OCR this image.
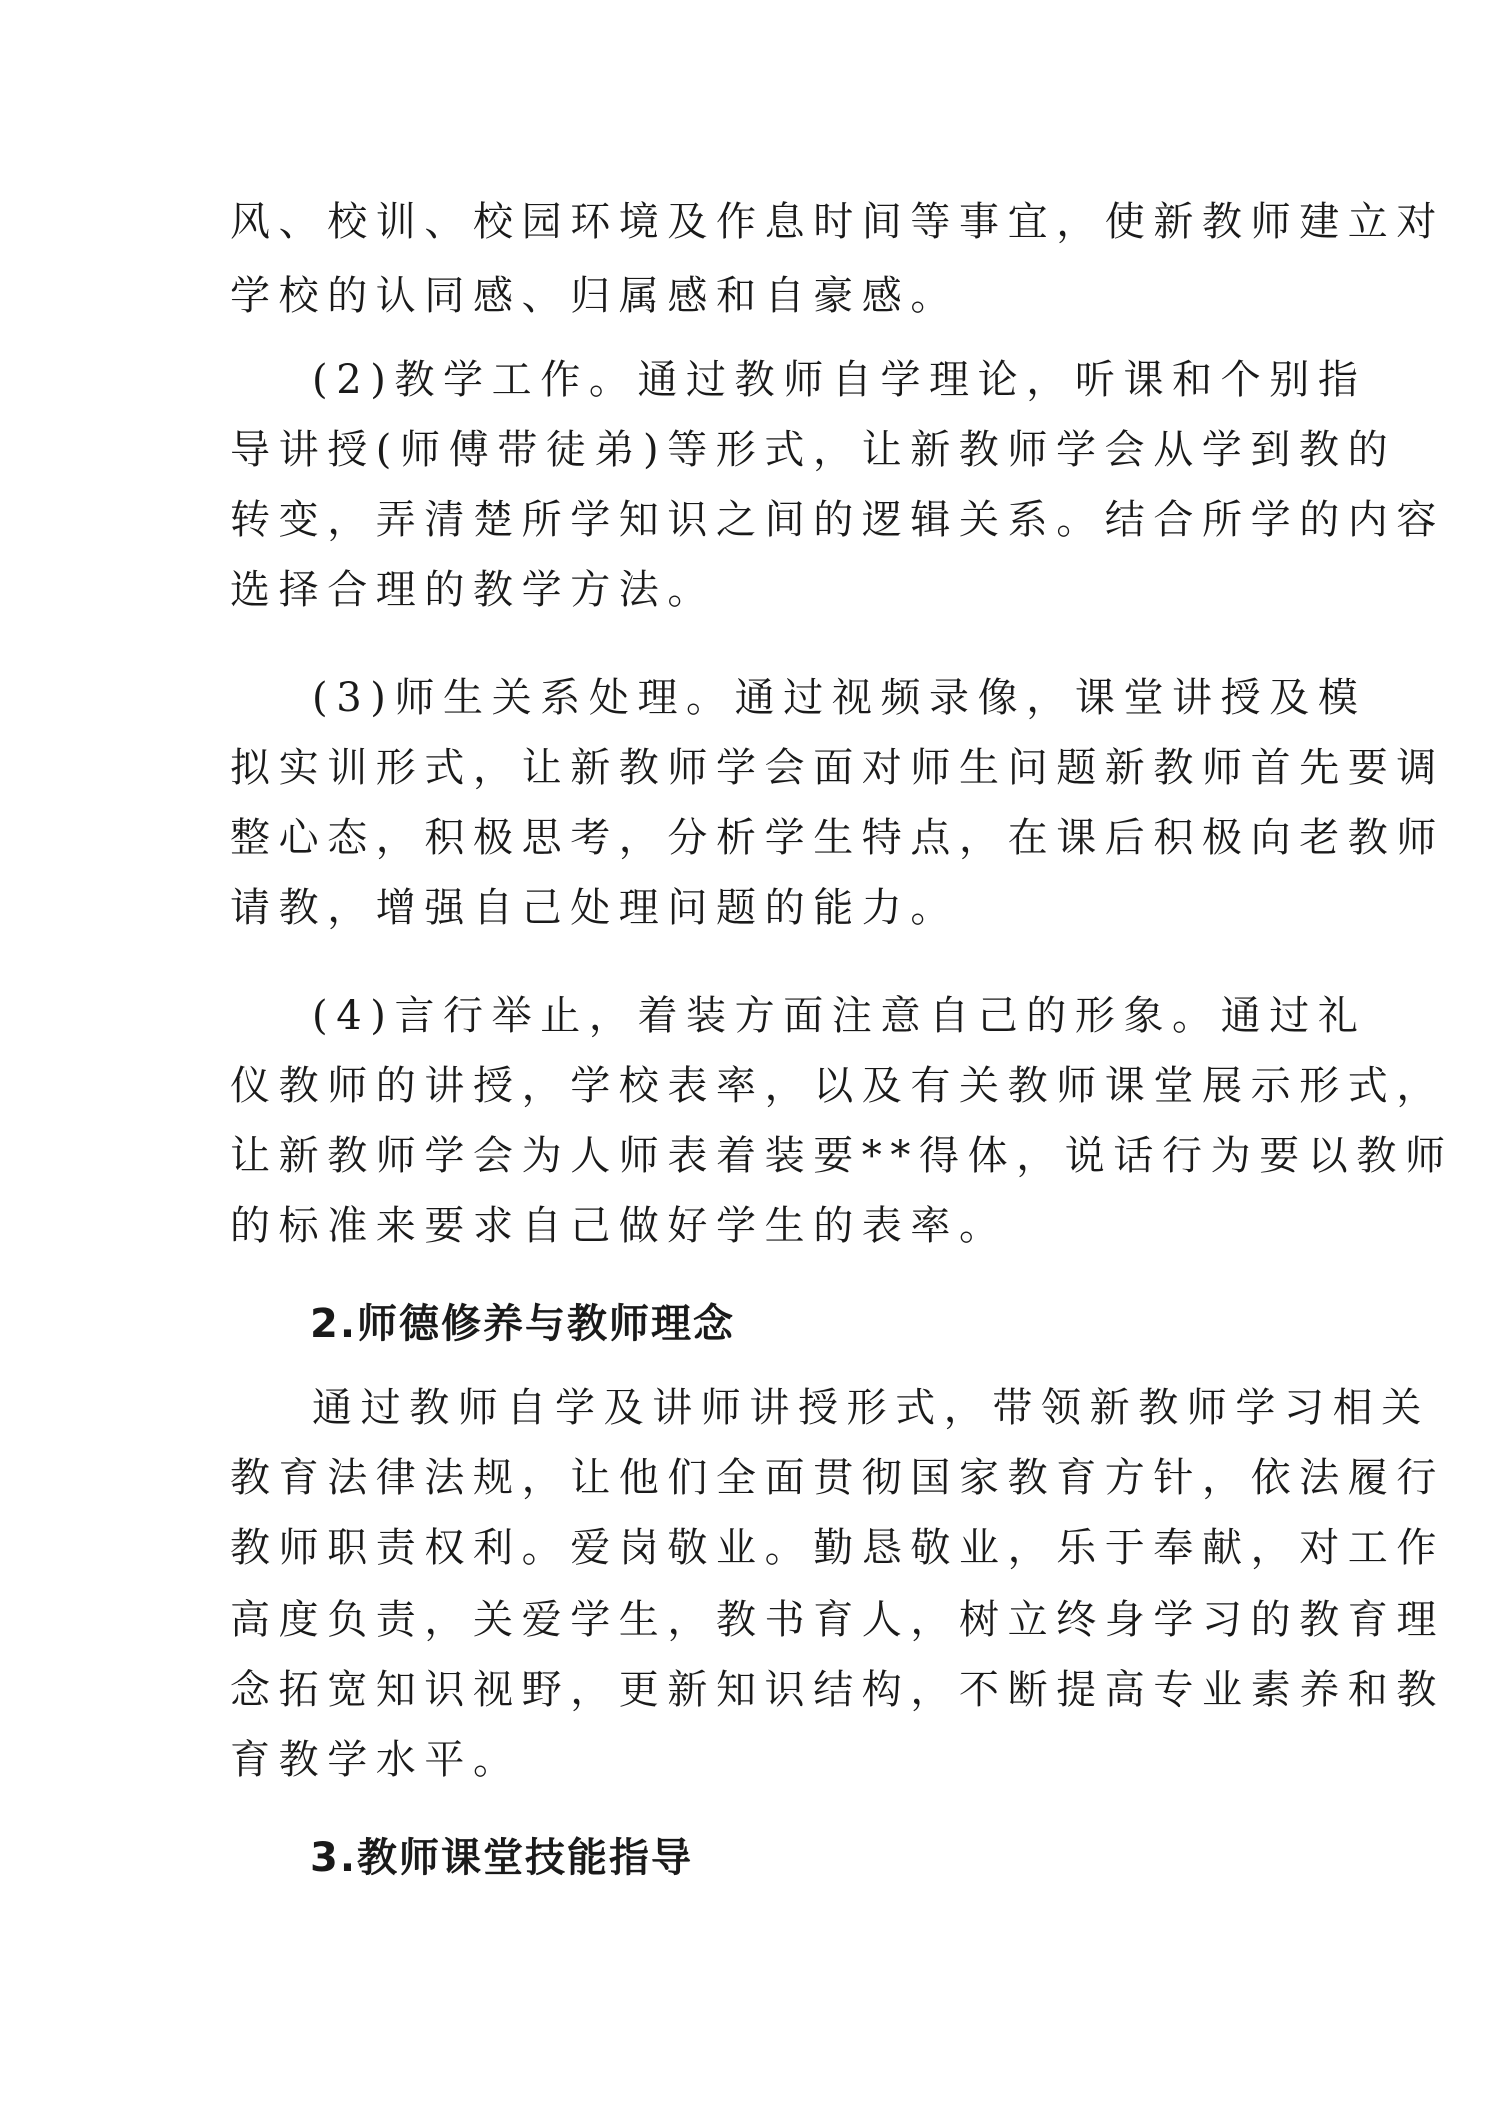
风、校训、校园环境及作息时间等事宜，使新教师建立对
学校的认同感、归属感和自豪感。
(2)教学工作。通过教师自学理论，听课和个别指
导讲授(师傅带徒弟)等形式，让新教师学会从学到教的
转变，弄清楚所学知识之间的逻辑关系。结合所学的内容
选择合理的教学方法。
(3)师生关系处理。通过视频录像，课堂讲授及模
拟实训形式，让新教师学会面对师生问题新教师首先要调
整心态，积极思考，分析学生特点，在课后积极向老教师
请教，增强自己处理问题的能力。
(4)言行举止，着装方面注意自己的形象。通过礼
仪教师的讲授，学校表率，以及有关教师课堂展示形式，
让新教师学会为人师表着装要**得体，说话行为要以教师
的标准来要求自己做好学生的表率。
2.师德修养与教师理念
通过教师自学及讲师讲授形式，带领新教师学习相关
教育法律法规，让他们全面贯彻国家教育方针，依法履行
教师职责权利。爱岗敬业。勤恳敬业，乐于奉献，对工作
高度负责，关爱学生，教书育人，树立终身学习的教育理
念拓宽知识视野，更新知识结构，不断提高专业素养和教
育教学水平。
3.教师课堂技能指导
